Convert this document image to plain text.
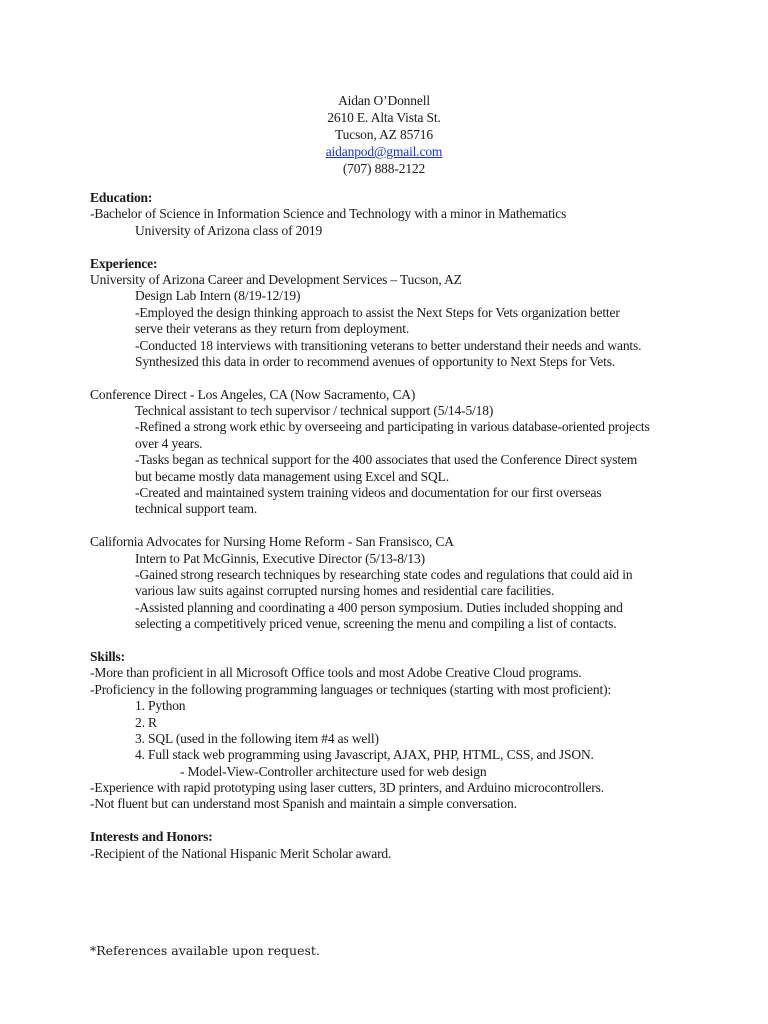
Aidan O’Donnell
2610 E. Alta Vista St.
Tucson, AZ 85716
aidanpod@gmail.com
(707) 888-2122
Education:
-Bachelor of Science in Information Science and Technology with a minor in Mathematics
University of Arizona class of 2019
Experience:
University of Arizona Career and Development Services – Tucson, AZ
Design Lab Intern (8/19-12/19)
-Employed the design thinking approach to assist the Next Steps for Vets organization better
serve their veterans as they return from deployment.
-Conducted 18 interviews with transitioning veterans to better understand their needs and wants.
Synthesized this data in order to recommend avenues of opportunity to Next Steps for Vets.
Conference Direct - Los Angeles, CA (Now Sacramento, CA)
Technical assistant to tech supervisor / technical support (5/14-5/18)
-Refined a strong work ethic by overseeing and participating in various database-oriented projects
over 4 years.
-Tasks began as technical support for the 400 associates that used the Conference Direct system
but became mostly data management using Excel and SQL.
-Created and maintained system training videos and documentation for our first overseas
technical support team.
California Advocates for Nursing Home Reform - San Fransisco, CA
Intern to Pat McGinnis, Executive Director (5/13-8/13)
-Gained strong research techniques by researching state codes and regulations that could aid in
various law suits against corrupted nursing homes and residential care facilities.
-Assisted planning and coordinating a 400 person symposium. Duties included shopping and
selecting a competitively priced venue, screening the menu and compiling a list of contacts.
Skills:
-More than proficient in all Microsoft Office tools and most Adobe Creative Cloud programs.
-Proficiency in the following programming languages or techniques (starting with most proficient):
1. Python
2. R
3. SQL (used in the following item #4 as well)
4. Full stack web programming using Javascript, AJAX, PHP, HTML, CSS, and JSON.
- Model-View-Controller architecture used for web design
-Experience with rapid prototyping using laser cutters, 3D printers, and Arduino microcontrollers.
-Not fluent but can understand most Spanish and maintain a simple conversation.
Interests and Honors:
-Recipient of the National Hispanic Merit Scholar award.
*References available upon request.
